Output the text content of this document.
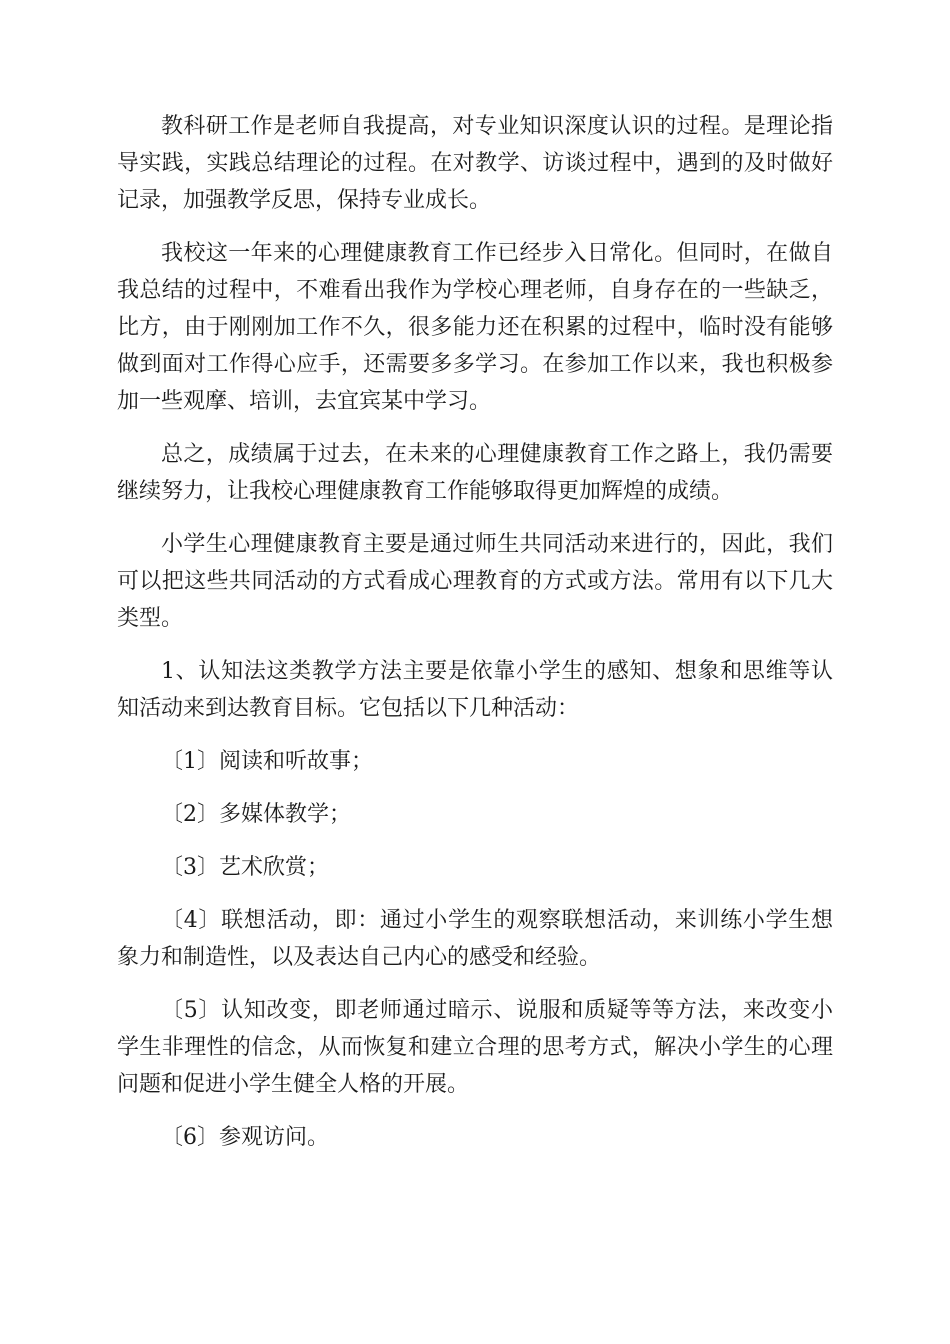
教科研工作是老师自我提高，对专业知识深度认识的过程。是理论指导实践，实践总结理论的过程。在对教学、访谈过程中，遇到的及时做好记录，加强教学反思，保持专业成长。

我校这一年来的心理健康教育工作已经步入日常化。但同时，在做自我总结的过程中，不难看出我作为学校心理老师，自身存在的一些缺乏，比方，由于刚刚加工作不久，很多能力还在积累的过程中，临时没有能够做到面对工作得心应手，还需要多多学习。在参加工作以来，我也积极参加一些观摩、培训，去宜宾某中学习。

总之，成绩属于过去，在未来的心理健康教育工作之路上，我仍需要继续努力，让我校心理健康教育工作能够取得更加辉煌的成绩。

小学生心理健康教育主要是通过师生共同活动来进行的，因此，我们可以把这些共同活动的方式看成心理教育的方式或方法。常用有以下几大类型。

1、认知法这类教学方法主要是依靠小学生的感知、想象和思维等认知活动来到达教育目标。它包括以下几种活动：

〔1〕阅读和听故事；

〔2〕多媒体教学；

〔3〕艺术欣赏；

〔4〕联想活动，即：通过小学生的观察联想活动，来训练小学生想象力和制造性，以及表达自己内心的感受和经验。

〔5〕认知改变，即老师通过暗示、说服和质疑等等方法，来改变小学生非理性的信念，从而恢复和建立合理的思考方式，解决小学生的心理问题和促进小学生健全人格的开展。

〔6〕参观访问。
